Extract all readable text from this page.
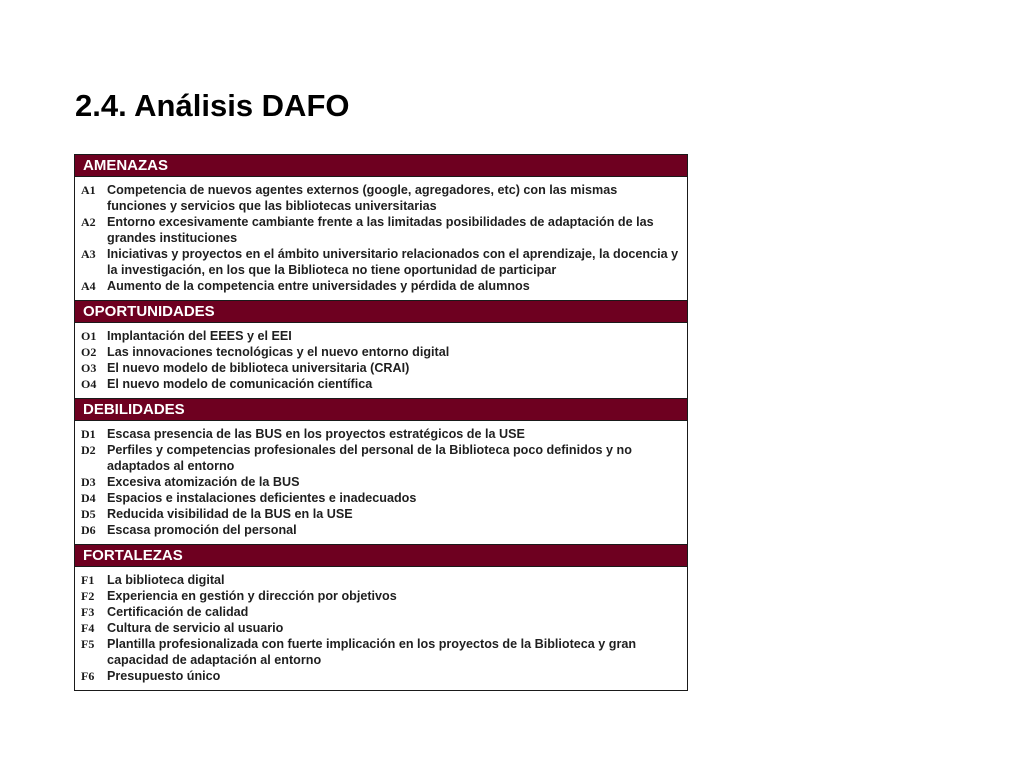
2.4. Análisis DAFO
AMENAZAS
A1 Competencia de nuevos agentes externos (google, agregadores, etc) con las mismas funciones y servicios que las bibliotecas universitarias
A2 Entorno excesivamente cambiante frente a las limitadas posibilidades de adaptación de las grandes instituciones
A3 Iniciativas y proyectos en el ámbito universitario relacionados con el aprendizaje, la docencia y la investigación, en los que la Biblioteca no tiene oportunidad de participar
A4 Aumento de la competencia entre universidades y pérdida de alumnos
OPORTUNIDADES
O1 Implantación del EEES y el EEI
O2 Las innovaciones tecnológicas y el nuevo entorno digital
O3 El nuevo modelo de biblioteca universitaria (CRAI)
O4 El nuevo modelo de comunicación científica
DEBILIDADES
D1 Escasa presencia de las BUS en los proyectos estratégicos de la USE
D2 Perfiles y competencias profesionales del personal de la Biblioteca poco definidos y no adaptados al entorno
D3 Excesiva atomización de la BUS
D4 Espacios e instalaciones deficientes e inadecuados
D5 Reducida visibilidad de la BUS en la USE
D6 Escasa promoción del personal
FORTALEZAS
F1	La biblioteca digital
F2	Experiencia en gestión y dirección por objetivos
F3	Certificación de calidad
F4	Cultura de servicio al usuario
F5	Plantilla profesionalizada con fuerte implicación en los proyectos de la Biblioteca y gran capacidad de adaptación al entorno
F6	Presupuesto único
